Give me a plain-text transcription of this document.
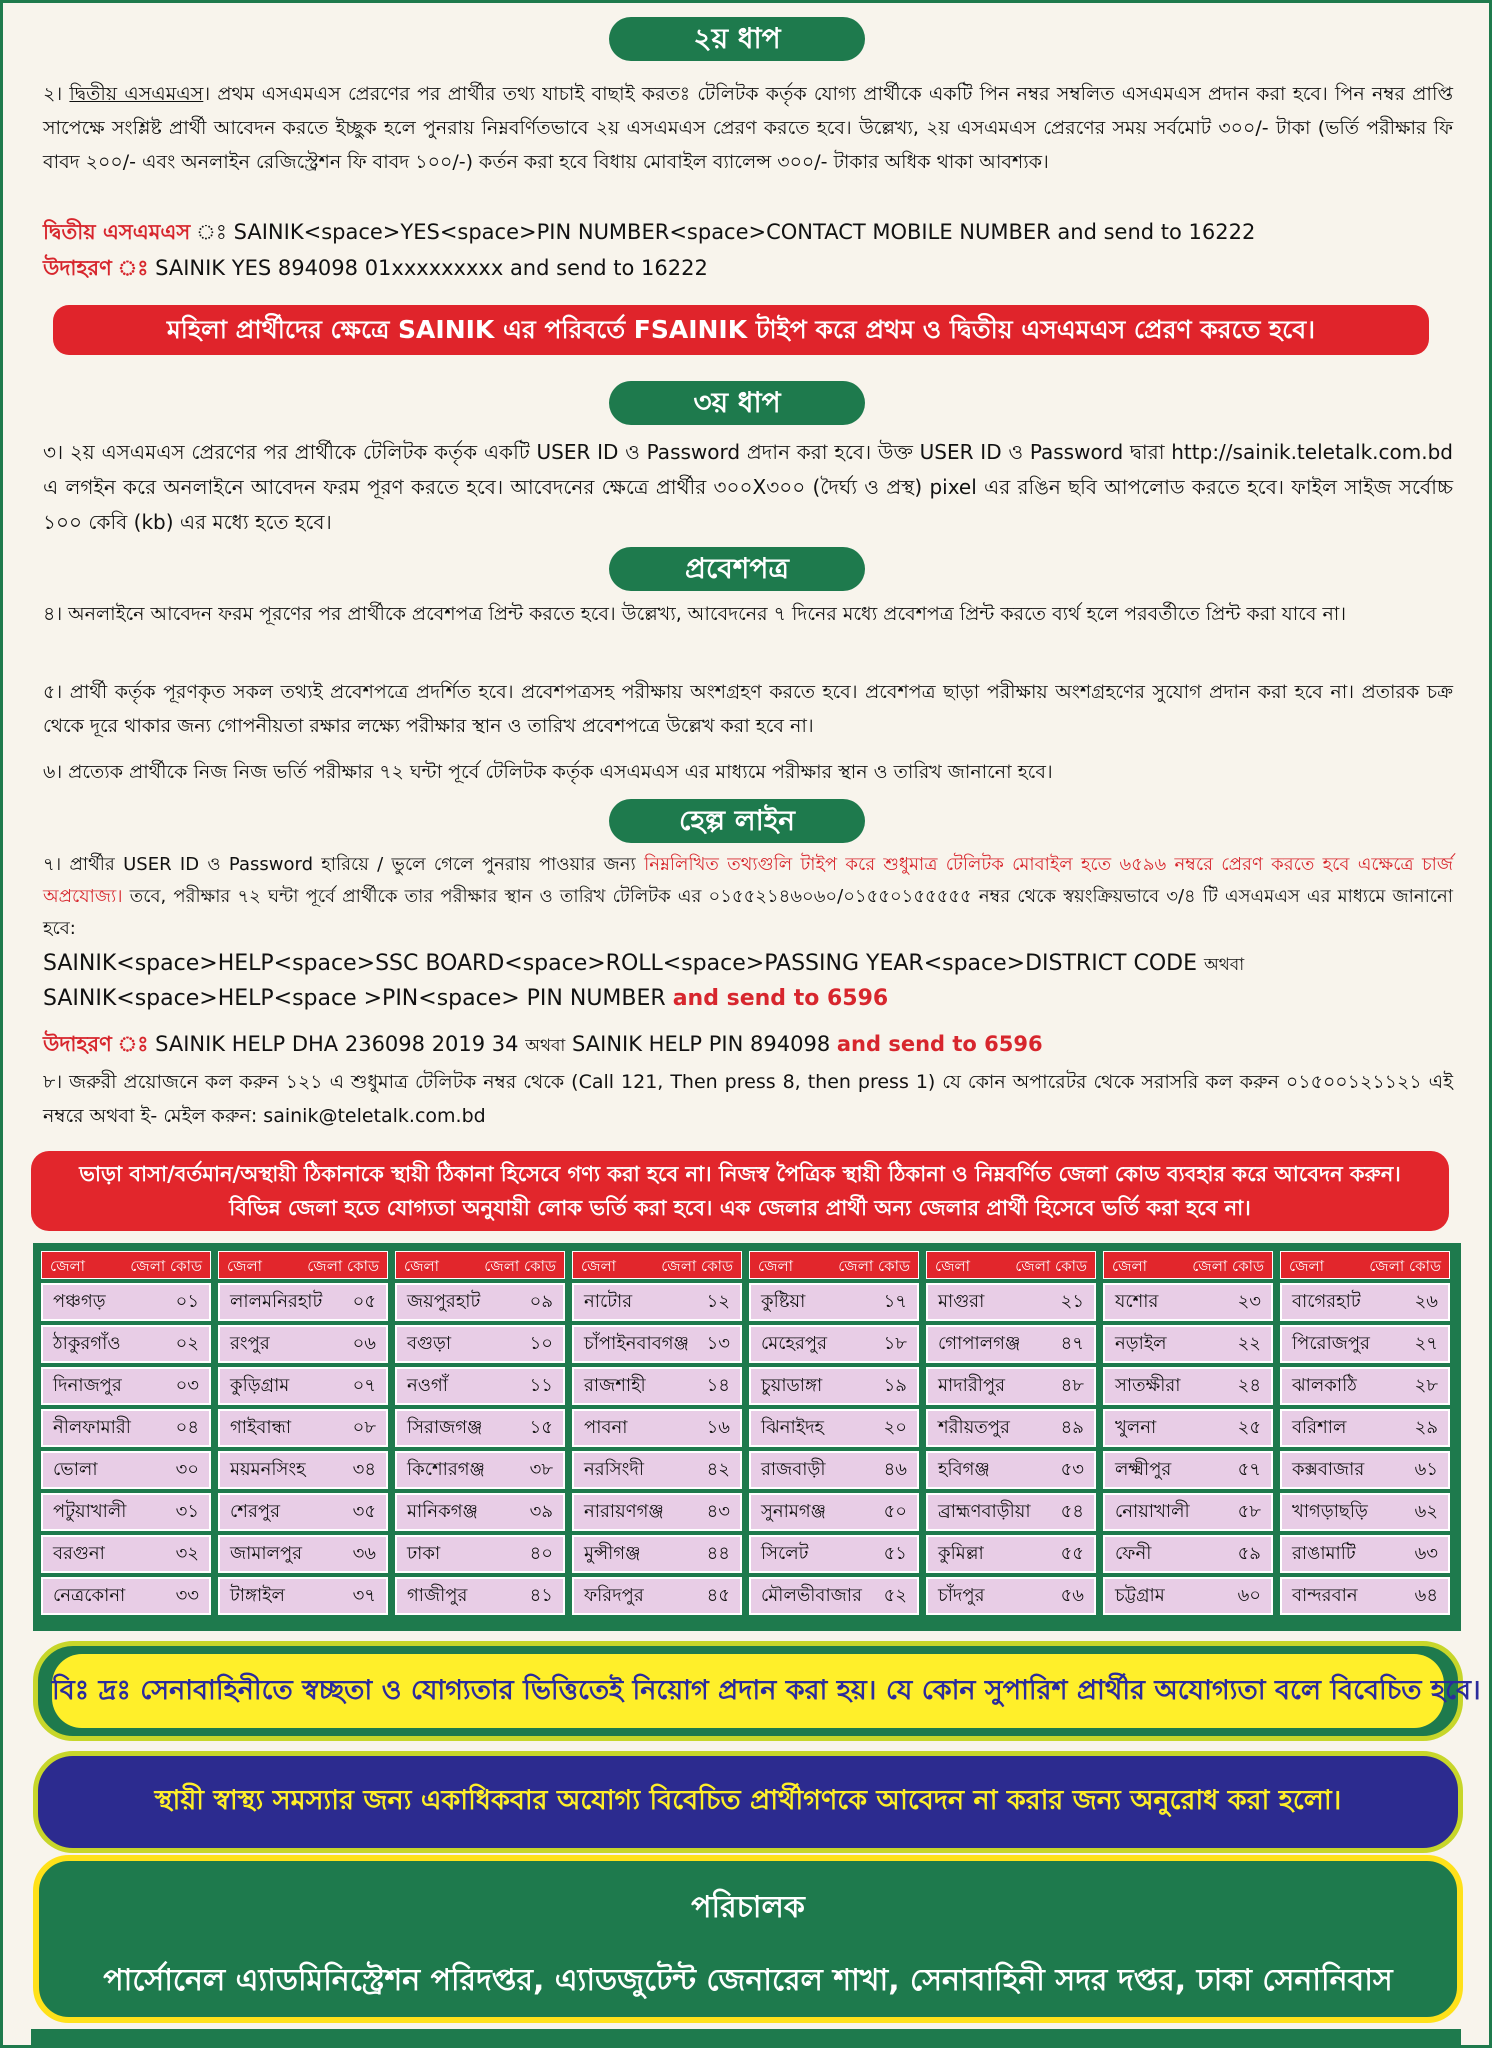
২য় ধাপ
২। দ্বিতীয় এসএমএস। প্রথম এসএমএস প্রেরণের পর প্রার্থীর তথ্য যাচাই বাছাই করতঃ টেলিটক কর্তৃক যোগ্য প্রার্থীকে একটি পিন নম্বর সম্বলিত এসএমএস প্রদান করা হবে। পিন নম্বর প্রাপ্তি সাপেক্ষে সংশ্লিষ্ট প্রার্থী আবেদন করতে ইচ্ছুক হলে পুনরায় নিম্নবর্ণিতভাবে ২য় এসএমএস প্রেরণ করতে হবে। উল্লেখ্য, ২য় এসএমএস প্রেরণের সময় সর্বমোট ৩০০/- টাকা (ভর্তি পরীক্ষার ফি বাবদ ২০০/- এবং অনলাইন রেজিস্ট্রেশন ফি বাবদ ১০০/-) কর্তন করা হবে বিধায় মোবাইল ব্যালেন্স ৩০০/- টাকার অধিক থাকা আবশ্যক।
দ্বিতীয় এসএমএস ঃ SAINIK<space>YES<space>PIN NUMBER<space>CONTACT MOBILE NUMBER and send to 16222
উদাহরণ ঃ SAINIK YES 894098 01xxxxxxxxx and send to 16222
মহিলা প্রার্থীদের ক্ষেত্রে SAINIK এর পরিবর্তে FSAINIK টাইপ করে প্রথম ও দ্বিতীয় এসএমএস প্রেরণ করতে হবে।
৩য় ধাপ
৩। ২য় এসএমএস প্রেরণের পর প্রার্থীকে টেলিটক কর্তৃক একটি USER ID ও Password প্রদান করা হবে। উক্ত USER ID ও Password দ্বারা http://sainik.teletalk.com.bd এ লগইন করে অনলাইনে আবেদন ফরম পূরণ করতে হবে। আবেদনের ক্ষেত্রে প্রার্থীর ৩০০X৩০০ (দৈর্ঘ্য ও প্রস্থ) pixel এর রঙিন ছবি আপলোড করতে হবে। ফাইল সাইজ সর্বোচ্চ ১০০ কেবি (kb) এর মধ্যে হতে হবে।
প্রবেশপত্র
৪। অনলাইনে আবেদন ফরম পূরণের পর প্রার্থীকে প্রবেশপত্র প্রিন্ট করতে হবে। উল্লেখ্য, আবেদনের ৭ দিনের মধ্যে প্রবেশপত্র প্রিন্ট করতে ব্যর্থ হলে পরবর্তীতে প্রিন্ট করা যাবে না।
৫। প্রার্থী কর্তৃক পূরণকৃত সকল তথ্যই প্রবেশপত্রে প্রদর্শিত হবে। প্রবেশপত্রসহ পরীক্ষায় অংশগ্রহণ করতে হবে। প্রবেশপত্র ছাড়া পরীক্ষায় অংশগ্রহণের সুযোগ প্রদান করা হবে না। প্রতারক চক্র থেকে দূরে থাকার জন্য গোপনীয়তা রক্ষার লক্ষ্যে পরীক্ষার স্থান ও তারিখ প্রবেশপত্রে উল্লেখ করা হবে না।
৬। প্রত্যেক প্রার্থীকে নিজ নিজ ভর্তি পরীক্ষার ৭২ ঘন্টা পূর্বে টেলিটক কর্তৃক এসএমএস এর মাধ্যমে পরীক্ষার স্থান ও তারিখ জানানো হবে।
হেল্প লাইন
৭। প্রার্থীর USER ID ও Password হারিয়ে / ভুলে গেলে পুনরায় পাওয়ার জন্য নিম্নলিখিত তথ্যগুলি টাইপ করে শুধুমাত্র টেলিটক মোবাইল হতে ৬৫৯৬ নম্বরে প্রেরণ করতে হবে এক্ষেত্রে চার্জ অপ্রযোজ্য। তবে, পরীক্ষার ৭২ ঘন্টা পূর্বে প্রার্থীকে তার পরীক্ষার স্থান ও তারিখ টেলিটক এর ০১৫৫২১৪৬০৬০/০১৫৫০১৫৫৫৫৫ নম্বর থেকে স্বয়ংক্রিয়ভাবে ৩/৪ টি এসএমএস এর মাধ্যমে জানানো হবে:
SAINIK<space>HELP<space>SSC BOARD<space>ROLL<space>PASSING YEAR<space>DISTRICT CODE অথবা
SAINIK<space>HELP<space >PIN<space> PIN NUMBER and send to 6596
উদাহরণ ঃ SAINIK HELP DHA 236098 2019 34 অথবা SAINIK HELP PIN 894098 and send to 6596
৮। জরুরী প্রয়োজনে কল করুন ১২১ এ শুধুমাত্র টেলিটক নম্বর থেকে (Call 121, Then press 8, then press 1) যে কোন অপারেটর থেকে সরাসরি কল করুন ০১৫০০১২১১২১ এই নম্বরে অথবা ই- মেইল করুন: sainik@teletalk.com.bd
ভাড়া বাসা/বর্তমান/অস্থায়ী ঠিকানাকে স্থায়ী ঠিকানা হিসেবে গণ্য করা হবে না। নিজস্ব পৈত্রিক স্থায়ী ঠিকানা ও নিম্নবর্ণিত জেলা কোড ব্যবহার করে আবেদন করুন।
বিভিন্ন জেলা হতে যোগ্যতা অনুযায়ী লোক ভর্তি করা হবে। এক জেলার প্রার্থী অন্য জেলার প্রার্থী হিসেবে ভর্তি করা হবে না।
জেলা	জেলা কোড
পঞ্চগড়	০১
ঠাকুরগাঁও	০২
দিনাজপুর	০৩
নীলফামারী ০৪
ভোলা	৩০
পটুয়াখালী	৩১
বরগুনা	৩২
নেত্রকোনা	৩৩
জেলা	জেলা কোড
লালমনিরহাট ০৫
রংপুর	০৬
কুড়িগ্রাম	০৭
গাইবান্ধা	০৮
ময়মনসিংহ	৩৪
শেরপুর	৩৫
জামালপুর	৩৬
টাঙ্গাইল	৩৭
জেলা	জেলা কোড
জয়পুরহাট	০৯
বগুড়া	১০
নওগাঁ	১১
সিরাজগঞ্জ	১৫
কিশোরগঞ্জ ৩৮
মানিকগঞ্জ	৩৯
ঢাকা	৪০
গাজীপুর	৪১
জেলা	জেলা কোড
নাটোর	১২
চাঁপাইনবাবগঞ্জ ১৩
রাজশাহী	১৪
পাবনা	১৬
নরসিংদী	৪২
নারায়ণগঞ্জ ৪৩
মুন্সীগঞ্জ	৪৪
ফরিদপুর	৪৫
জেলা	জেলা কোড
কুষ্টিয়া	১৭
মেহেরপুর	১৮
চুয়াডাঙ্গা	১৯
ঝিনাইদহ	২০
রাজবাড়ী	৪৬
সুনামগঞ্জ	৫০
সিলেট	৫১
মৌলভীবাজার ৫২
জেলা	জেলা কোড
মাগুরা	২১
গোপালগঞ্জ ৪৭
মাদারীপুর	৪৮
শরীয়তপুর	৪৯
হবিগঞ্জ	৫৩
ব্রাহ্মণবাড়ীয়া ৫৪
কুমিল্লা	৫৫
চাঁদপুর	৫৬
জেলা	জেলা কোড
যশোর	২৩
নড়াইল	২২
সাতক্ষীরা	২৪
খুলনা	২৫
লক্ষ্মীপুর	৫৭
নোয়াখালী	৫৮
ফেনী	৫৯
চট্টগ্রাম	৬০
জেলা	জেলা কোড
বাগেরহাট	২৬
পিরোজপুর ২৭
ঝালকাঠি	২৮
বরিশাল	২৯
কক্সবাজার	৬১
খাগড়াছড়ি	৬২
রাঙামাটি	৬৩
বান্দরবান	৬৪
বিঃ দ্রঃ সেনাবাহিনীতে স্বচ্ছতা ও যোগ্যতার ভিত্তিতেই নিয়োগ প্রদান করা হয়। যে কোন সুপারিশ প্রার্থীর অযোগ্যতা বলে বিবেচিত হবে।
স্থায়ী স্বাস্থ্য সমস্যার জন্য একাধিকবার অযোগ্য বিবেচিত প্রার্থীগণকে আবেদন না করার জন্য অনুরোধ করা হলো।
পরিচালক
পার্সোনেল এ্যাডমিনিস্ট্রেশন পরিদপ্তর, এ্যাডজুটেন্ট জেনারেল শাখা, সেনাবাহিনী সদর দপ্তর, ঢাকা সেনানিবাস
